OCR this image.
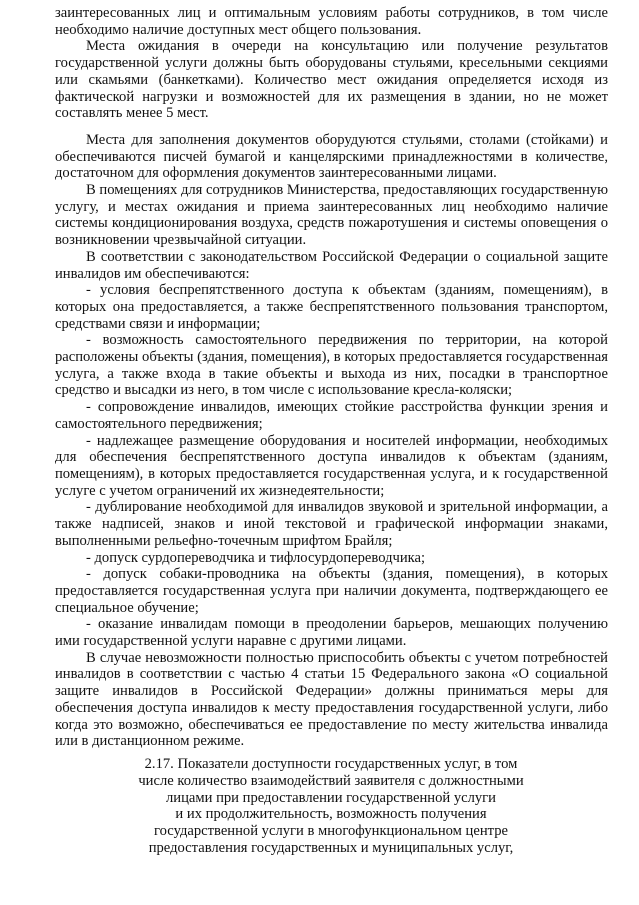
заинтересованных лиц и оптимальным условиям работы сотрудников, в том числе необходимо наличие доступных мест общего пользования.

Места ожидания в очереди на консультацию или получение результатов государственной услуги должны быть оборудованы стульями, кресельными секциями или скамьями (банкетками). Количество мест ожидания определяется исходя из фактической нагрузки и возможностей для их размещения в здании, но не может составлять менее 5 мест.

Места для заполнения документов оборудуются стульями, столами (стойками) и обеспечиваются писчей бумагой и канцелярскими принадлежностями в количестве, достаточном для оформления документов заинтересованными лицами.

В помещениях для сотрудников Министерства, предоставляющих государственную услугу, и местах ожидания и приема заинтересованных лиц необходимо наличие системы кондиционирования воздуха, средств пожаротушения и системы оповещения о возникновении чрезвычайной ситуации.

В соответствии с законодательством Российской Федерации о социальной защите инвалидов им обеспечиваются:

- условия беспрепятственного доступа к объектам (зданиям, помещениям), в которых она предоставляется, а также беспрепятственного пользования транспортом, средствами связи и информации;

- возможность самостоятельного передвижения по территории, на которой расположены объекты (здания, помещения), в которых предоставляется государственная услуга, а также входа в такие объекты и выхода из них, посадки в транспортное средство и высадки из него, в том числе с использование кресла-коляски;

- сопровождение инвалидов, имеющих стойкие расстройства функции зрения и самостоятельного передвижения;

- надлежащее размещение оборудования и носителей информации, необходимых для обеспечения беспрепятственного доступа инвалидов к объектам (зданиям, помещениям), в которых предоставляется государственная услуга, и к государственной услуге с учетом ограничений их жизнедеятельности;

- дублирование необходимой для инвалидов звуковой и зрительной информации, а также надписей, знаков и иной текстовой и графической информации знаками, выполненными рельефно-точечным шрифтом Брайля;

- допуск сурдопереводчика и тифлосурдопереводчика;

- допуск собаки-проводника на объекты (здания, помещения), в которых предоставляется государственная услуга при наличии документа, подтверждающего ее специальное обучение;

- оказание инвалидам помощи в преодолении барьеров, мешающих получению ими государственной услуги наравне с другими лицами.

В случае невозможности полностью приспособить объекты с учетом потребностей инвалидов в соответствии с частью 4 статьи 15 Федерального закона «О социальной защите инвалидов в Российской Федерации» должны приниматься меры для обеспечения доступа инвалидов к месту предоставления государственной услуги, либо когда это возможно, обеспечиваться ее предоставление по месту жительства инвалида или в дистанционном режиме.

2.17. Показатели доступности государственных услуг, в том
числе количество взаимодействий заявителя с должностными
лицами при предоставлении государственной услуги
и их продолжительность, возможность получения
государственной услуги в многофункциональном центре
предоставления государственных и муниципальных услуг,
